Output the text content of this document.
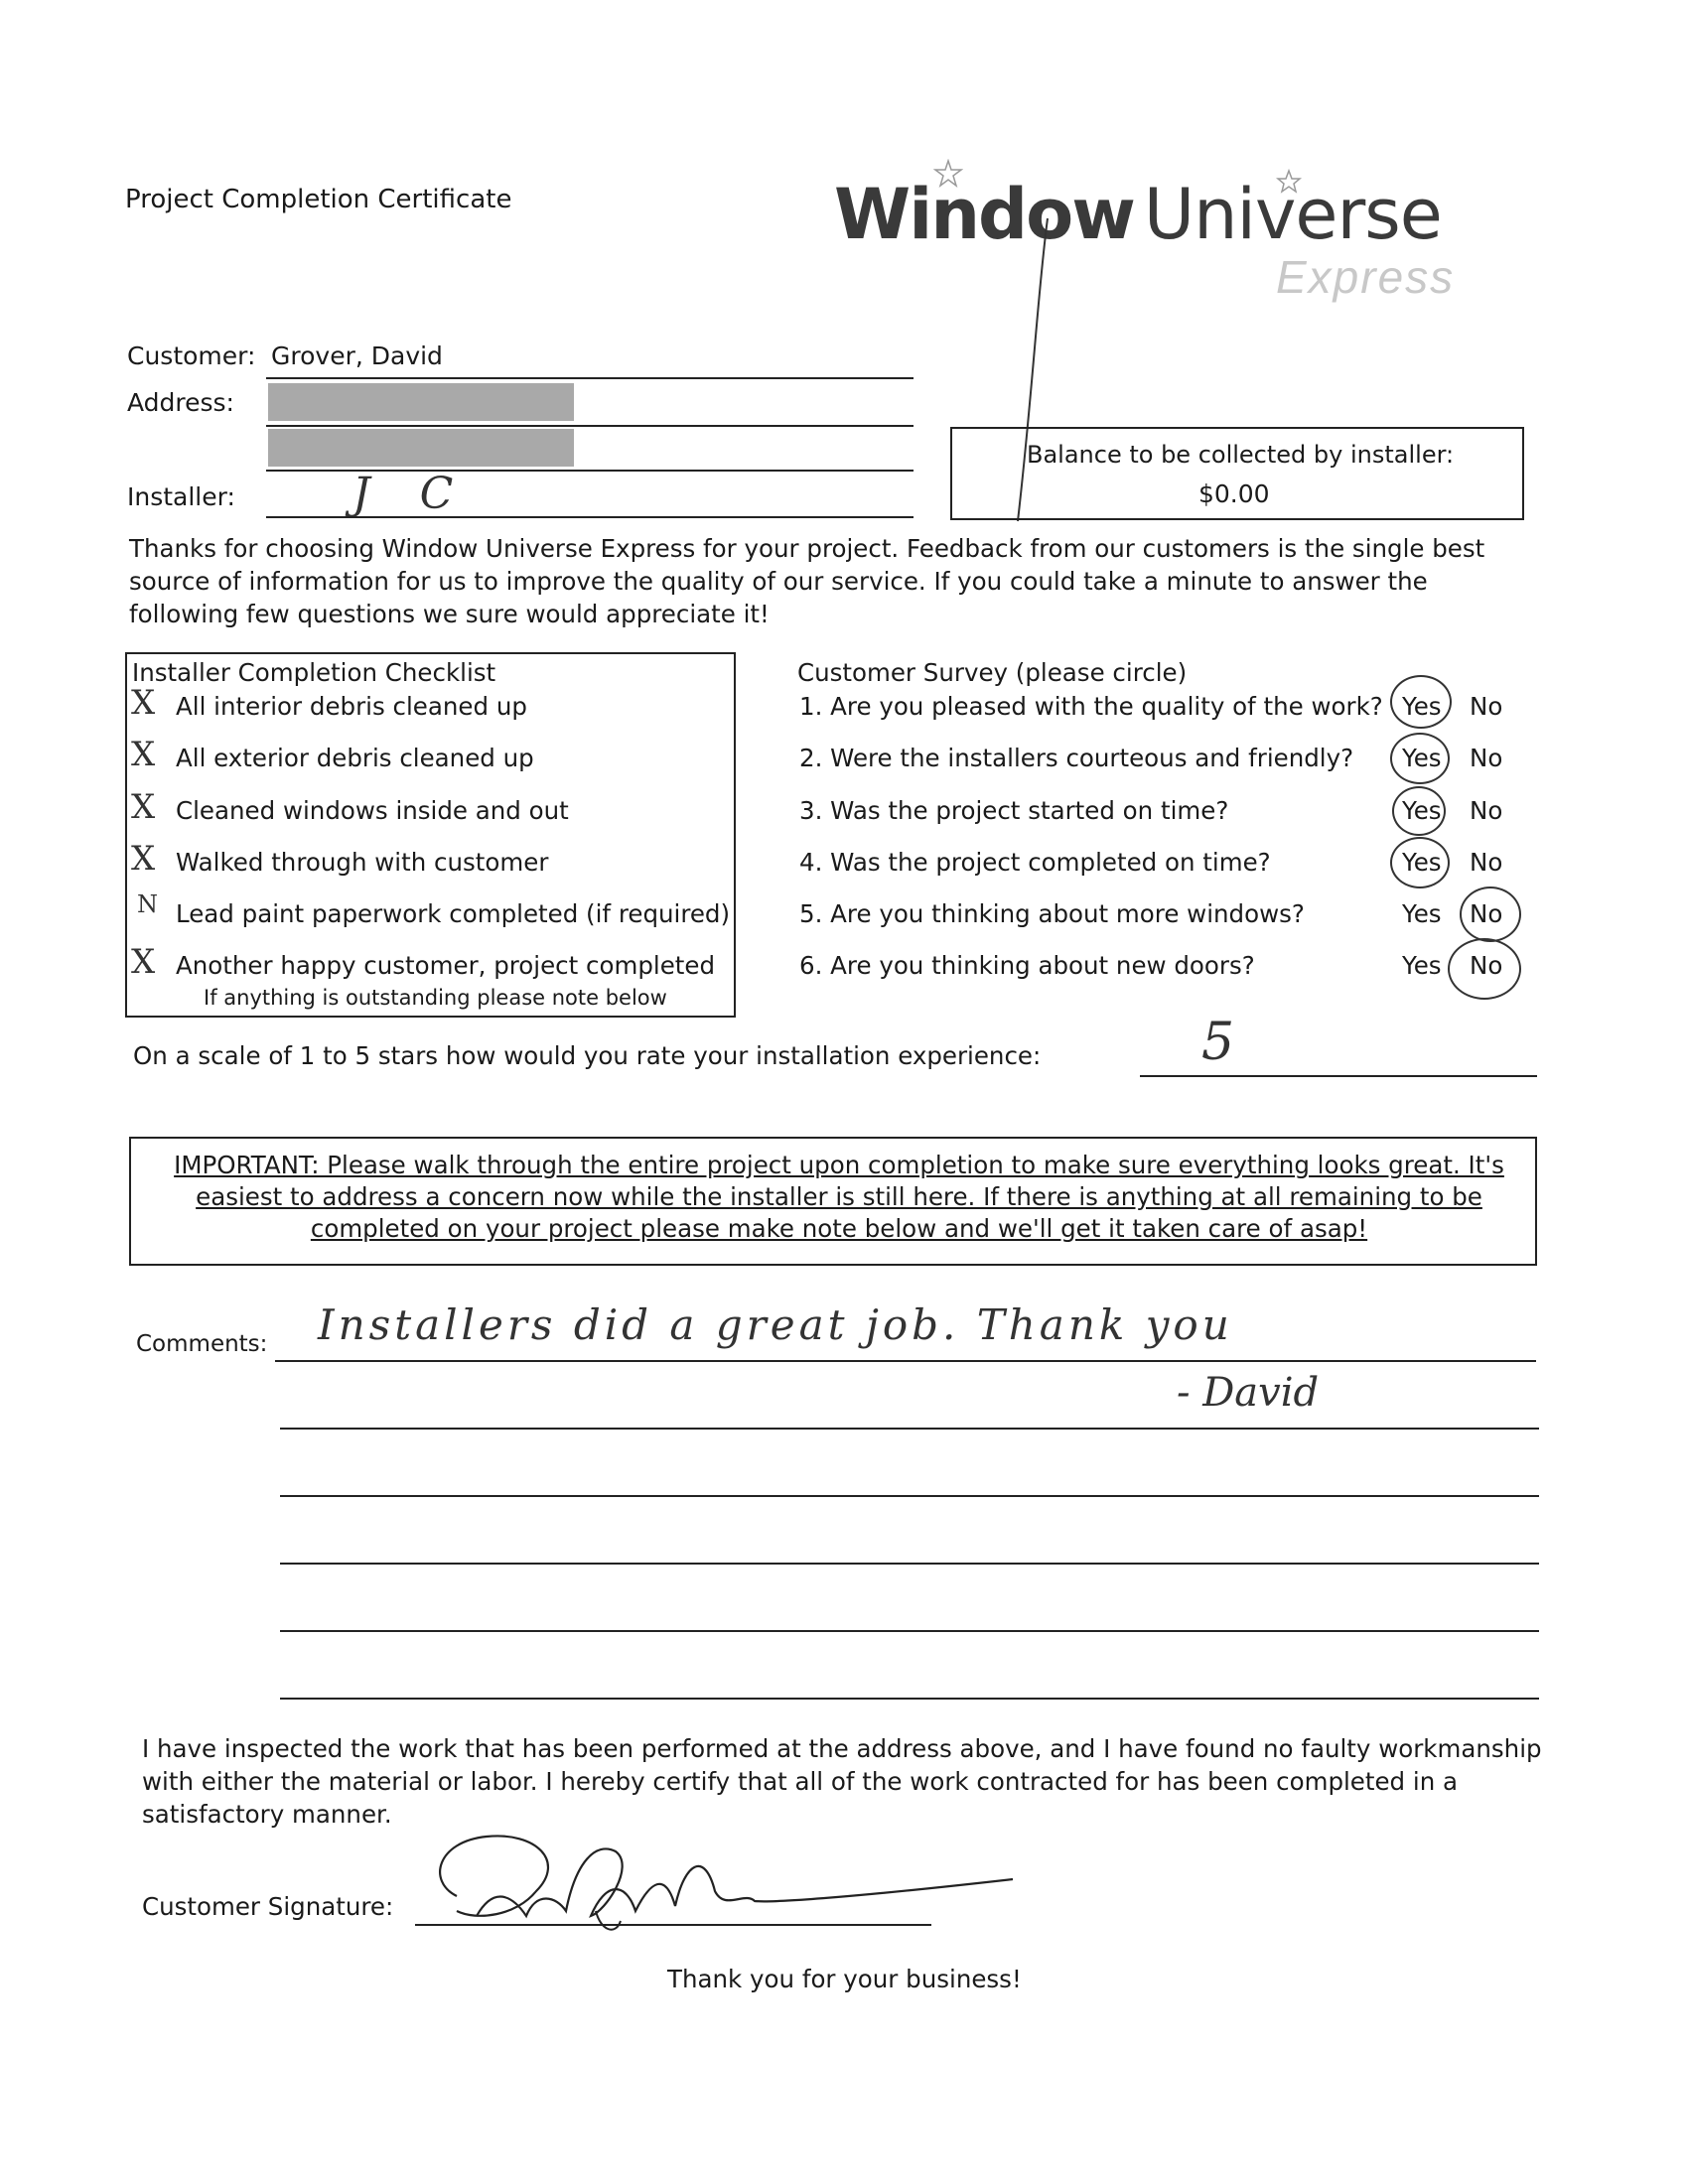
Project Completion Certificate	Window Universe
Express
Customer: Grover, David
Address:
Installer:	J C
Balance to be collected by installer:
$0.00
Thanks for choosing Window Universe Express for your project. Feedback from our customers is the single best source of information for us to improve the quality of our service. If you could take a minute to answer the following few questions we sure would appreciate it!
Installer Completion Checklist
X All interior debris cleaned up
X All exterior debris cleaned up
X Cleaned windows inside and out
X Walked through with customer
N Lead paint paperwork completed (if required)
X Another happy customer, project completed
If anything is outstanding please note below
Customer Survey (please circle)
1. Are you pleased with the quality of the work? Yes No
2. Were the installers courteous and friendly? Yes No
3. Was the project started on time?	Yes No
4. Was the project completed on time?	Yes No
5. Are you thinking about more windows?	Yes No
6. Are you thinking about new doors?	Yes No
On a scale of 1 to 5 stars how would you rate your installation experience:	5
IMPORTANT: Please walk through the entire project upon completion to make sure everything looks great. It's easiest to address a concern now while the installer is still here. If there is anything at all remaining to be completed on your project please make note below and we'll get it taken care of asap!
Comments: Installers did a great job. Thank you
- David
I have inspected the work that has been performed at the address above, and I have found no faulty workmanship with either the material or labor. I hereby certify that all of the work contracted for has been completed in a satisfactory manner.
Customer Signature:
Thank you for your business!
